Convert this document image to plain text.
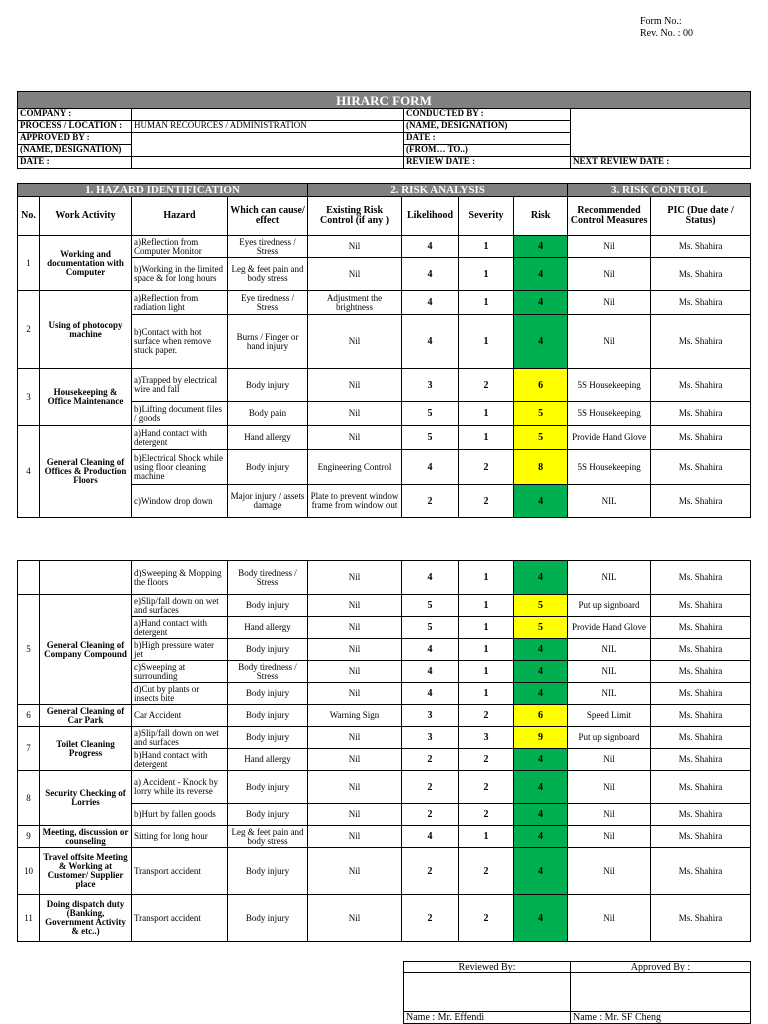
Form No.:
Rev. No. : 00
HIRARC FORM			
COMPANY :		CONDUCTED BY :	
PROCESS / LOCATION :	HUMAN RECOURCES / ADMINISTRATION	(NAME, DESIGNATION)	
APPROVED BY :		DATE :	
(NAME, DESIGNATION)		(FROM… TO..)	
DATE :		REVIEW DATE :	NEXT REVIEW DATE :
1. HAZARD IDENTIFICATION				2. RISK ANALYSIS				3. RISK CONTROL	
No.	Work Activity	Hazard	Which can cause/ effect	Existing Risk Control (if any )	Likelihood	Severity	Risk	Recommended Control Measures	PIC (Due date / Status)
1	Working and documentation with Computer	a)Reflection from Computer Monitor	Eyes tiredness / Stress	Nil	4	1	4	Nil	Ms. Shahira
		b)Working in the limited space & for long hours	Leg & feet pain and body stress	Nil	4	1	4	Nil	Ms. Shahira
2	Using of photocopy machine	a)Reflection from radiation light	Eye tiredness / Stress	Adjustment the brightness	4	1	4	Nil	Ms. Shahira
		b)Contact with hot surface when remove stuck paper.	Burns / Finger or hand injury	Nil	4	1	4	Nil	Ms. Shahira
3	Housekeeping & Office Maintenance	a)Trapped by electrical wire and fall	Body injury	Nil	3	2	6	5S Housekeeping	Ms. Shahira
		b)Lifting document files / goods	Body pain	Nil	5	1	5	5S Housekeeping	Ms. Shahira
4	General Cleaning of Offices & Production Floors	a)Hand contact with detergent	Hand allergy	Nil	5	1	5	Provide Hand Glove	Ms. Shahira
		b)Electrical Shock while using floor cleaning machine	Body injury	Engineering Control	4	2	8	5S Housekeeping	Ms. Shahira
		c)Window drop down	Major injury / assets damage	Plate to prevent window frame from window out	2	2	4	NIL	Ms. Shahira
		d)Sweeping & Mopping the floors	Body tiredness / Stress	Nil	4	1	4	NIL	Ms. Shahira
5	General Cleaning of Company Compound	e)Slip/fall down on wet and surfaces	Body injury	Nil	5	1	5	Put up signboard	Ms. Shahira
		a)Hand contact with detergent	Hand allergy	Nil	5	1	5	Provide Hand Glove	Ms. Shahira
		b)High pressure water jet	Body injury	Nil	4	1	4	NIL	Ms. Shahira
		c)Sweeping at surrounding	Body tiredness / Stress	Nil	4	1	4	NIL	Ms. Shahira
		d)Cut by plants or insects bite	Body injury	Nil	4	1	4	NIL	Ms. Shahira
6	General Cleaning of Car Park	Car Accident	Body injury	Warning Sign	3	2	6	Speed Limit	Ms. Shahira
7	Toilet Cleaning Progress	a)Slip/fall down on wet and surfaces	Body injury	Nil	3	3	9	Put up signboard	Ms. Shahira
		b)Hand contact with detergent	Hand allergy	Nil	2	2	4	Nil	Ms. Shahira
8	Security Checking of Lorries	a) Accident - Knock by lorry while its reverse	Body injury	Nil	2	2	4	Nil	Ms. Shahira
		b)Hurt by fallen goods	Body injury	Nil	2	2	4	Nil	Ms. Shahira
9	Meeting, discussion or counseling	Sitting for long hour	Leg & feet pain and body stress	Nil	4	1	4	Nil	Ms. Shahira
10	Travel offsite Meeting & Working at Customer/ Supplier place	Transport accident	Body injury	Nil	2	2	4	Nil	Ms. Shahira
11	Doing dispatch duty (Banking, Government Activity & etc..)	Transport accident	Body injury	Nil	2	2	4	Nil	Ms. Shahira
Reviewed By:	Approved By :

Name : Mr. Effendi	Name : Mr. SF Cheng
